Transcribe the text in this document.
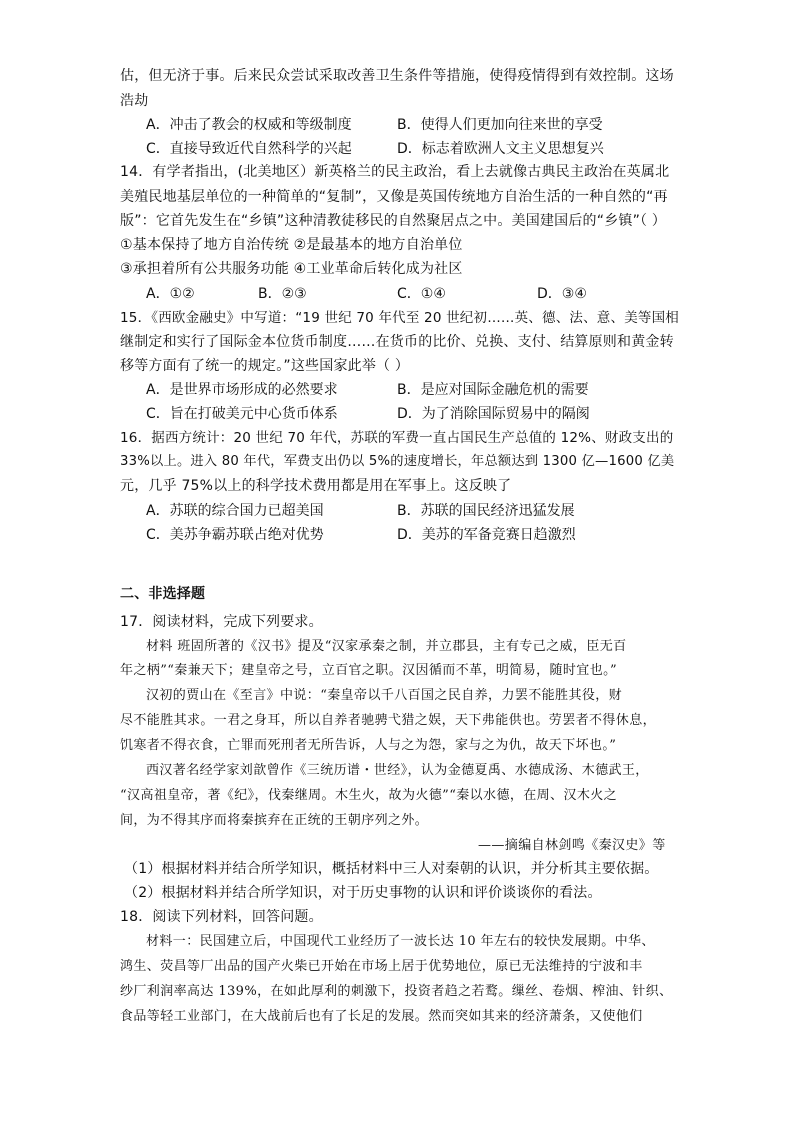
估，但无济于事。后来民众尝试采取改善卫生条件等措施，使得疫情得到有效控制。这场
浩劫
A．冲击了教会的权威和等级制度	B．使得人们更加向往来世的享受
C．直接导致近代自然科学的兴起	D．标志着欧洲人文主义思想复兴
14．有学者指出，(北美地区）新英格兰的民主政治，看上去就像古典民主政治在英属北
美殖民地基层单位的一种简单的“复制”，又像是英国传统地方自治生活的一种自然的“再
版”：它首先发生在“乡镇”这种清教徒移民的自然聚居点之中。美国建国后的“乡镇”（ ）
①基本保持了地方自治传统 ②是最基本的地方自治单位
③承担着所有公共服务功能 ④工业革命后转化成为社区
A．①②	B．②③	C．①④	D．③④
15．《西欧金融史》中写道：“19 世纪 70 年代至 20 世纪初……英、德、法、意、美等国相
继制定和实行了国际金本位货币制度……在货币的比价、兑换、支付、结算原则和黄金转
移等方面有了统一的规定。”这些国家此举（ ）
A．是世界市场形成的必然要求	B．是应对国际金融危机的需要
C．旨在打破美元中心货币体系	D．为了消除国际贸易中的隔阂
16．据西方统计：20 世纪 70 年代，苏联的军费一直占国民生产总值的 12%、财政支出的
33%以上。进入 80 年代，军费支出仍以 5%的速度增长，年总额达到 1300 亿—1600 亿美
元，几乎 75%以上的科学技术费用都是用在军事上。这反映了
A．苏联的综合国力已超美国	B．苏联的国民经济迅猛发展
C．美苏争霸苏联占绝对优势	D．美苏的军备竞赛日趋激烈
二、非选择题
17．阅读材料，完成下列要求。
材料 班固所著的《汉书》提及“汉家承秦之制，并立郡县，主有专己之威，臣无百
年之柄”“秦兼天下；建皇帝之号，立百官之职。汉因循而不革，明简易，随时宜也。”
汉初的贾山在《至言》中说：“秦皇帝以千八百国之民自养，力罢不能胜其役，财
尽不能胜其求。一君之身耳，所以自养者驰骋弋猎之娱，天下弗能供也。劳罢者不得休息，
饥寒者不得衣食，亡罪而死刑者无所告诉，人与之为怨，家与之为仇，故天下坏也。”
西汉著名经学家刘歆曾作《三统历谱・世经》，认为金德夏禹、水德成汤、木德武王，
“汉高祖皇帝，著《纪》，伐秦继周。木生火，故为火德”“秦以水德，在周、汉木火之
间，为不得其序而将秦摈弃在正统的王朝序列之外。
——摘编自林剑鸣《秦汉史》等
（1）根据材料并结合所学知识，概括材料中三人对秦朝的认识，并分析其主要依据。
（2）根据材料并结合所学知识，对于历史事物的认识和评价谈谈你的看法。
18．阅读下列材料，回答问题。
材料一：民国建立后，中国现代工业经历了一波长达 10 年左右的较快发展期。中华、
鸿生、荧昌等厂出品的国产火柴已开始在市场上居于优势地位，原已无法维持的宁波和丰
纱厂利润率高达 139%，在如此厚利的刺激下，投资者趋之若鹜。缫丝、卷烟、榨油、针织、
食品等轻工业部门，在大战前后也有了长足的发展。然而突如其来的经济萧条，又使他们
